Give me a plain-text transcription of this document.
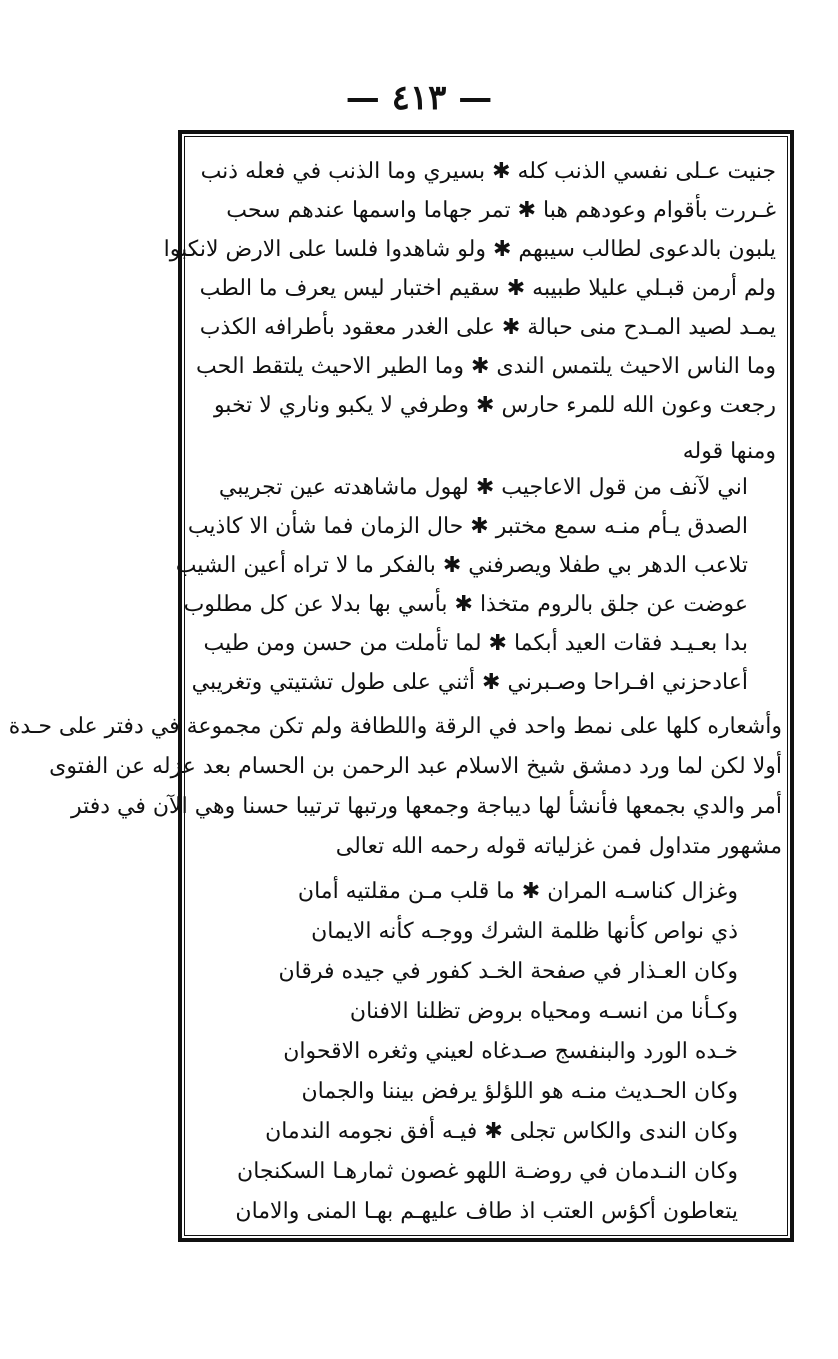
— ٤١٣ —
جنيت عـلى نفسي الذنب كله ✱ بسيري وما الذنب في فعله ذنب
غـررت بأقوام وعودهم هبا ✱ تمر جهاما واسمها عندهم سحب
يلبون بالدعوى لطالب سيبهم ✱ ولو شاهدوا فلسا على الارض لانكبوا
ولم أرمن قبـلي عليلا طبيبه ✱ سقيم اختبار ليس يعرف ما الطب
يمـد لصيد المـدح منى حبالة ✱ على الغدر معقود بأطرافه الكذب
وما الناس الاحيث يلتمس الندى ✱ وما الطير الاحيث يلتقط الحب
رجعت وعون الله للمرء حارس ✱ وطرفي لا يكبو وناري لا تخبو
ومنها قوله
اني لآنف من قول الاعاجيب ✱ لهول ماشاهدته عين تجريبي
الصدق يـأم منـه سمع مختبر ✱ حال الزمان فما شأن الا كاذيب
تلاعب الدهر بي طفلا ويصرفني ✱ بالفكر ما لا تراه أعين الشيب
عوضت عن جلق بالروم متخذا ✱ بأسي بها بدلا عن كل مطلوب
بدا بعـيـد فقات العيد أبكما ✱ لما تأملت من حسن ومن طيب
أعادحزني افـراحا وصـبرني ✱ أثني على طول تشتيتي وتغريبي
وأشعاره كلها على نمط واحد في الرقة واللطافة ولم تكن مجموعة في دفتر على حـدة
أولا لكن لما ورد دمشق شيخ الاسلام عبد الرحمن بن الحسام بعد عزله عن الفتوى
أمر والدي بجمعها فأنشأ لها ديباجة وجمعها ورتبها ترتيبا حسنا وهي الآن في دفتر
مشهور متداول فمن غزلياته قوله رحمه الله تعالى
وغزال كناسـه المران ✱ ما قلب مـن مقلتيه أمان
ذي نواص كأنها ظلمة الشرك ووجـه كأنه الايمان
وكان العـذار في صفحة الخـد كفور في جيده فرقان
وكـأنا من انسـه ومحياه بروض تظلنا الافنان
خـده الورد والبنفسج صـدغاه لعيني وثغره الاقحوان
وكان الحـديث منـه هو اللؤلؤ يرفض بيننا والجمان
وكان الندى والكاس تجلى ✱ فيـه أفق نجومه الندمان
وكان النـدمان في روضـة اللهو غصون ثمارهـا السكنجان
يتعاطون أكؤس العتب اذ طاف عليهـم بهـا المنى والامان
